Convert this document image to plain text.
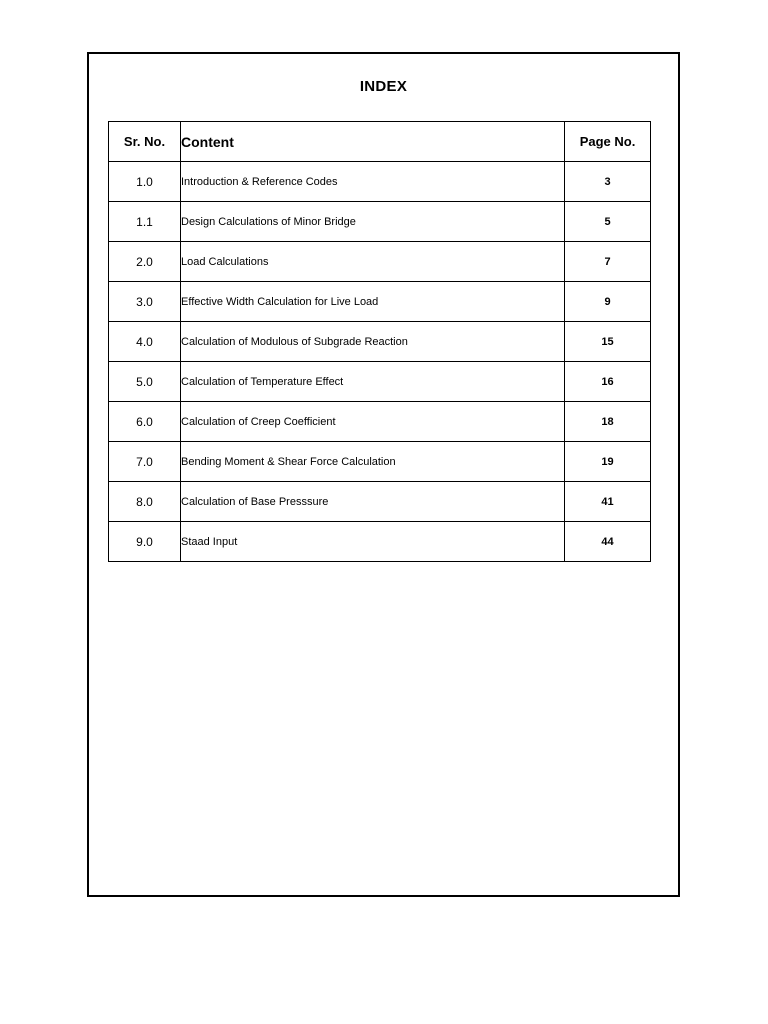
INDEX
Sr. No.	Content	Page No.
1.0	Introduction & Reference Codes	3
1.1	Design Calculations of Minor Bridge	5
2.0	Load Calculations	7
3.0	Effective Width Calculation for Live Load	9
4.0	Calculation of Modulous of Subgrade Reaction	15
5.0	Calculation of Temperature Effect	16
6.0	Calculation of Creep Coefficient	18
7.0	Bending Moment & Shear Force Calculation	19
8.0	Calculation of Base Presssure	41
9.0	Staad Input	44
